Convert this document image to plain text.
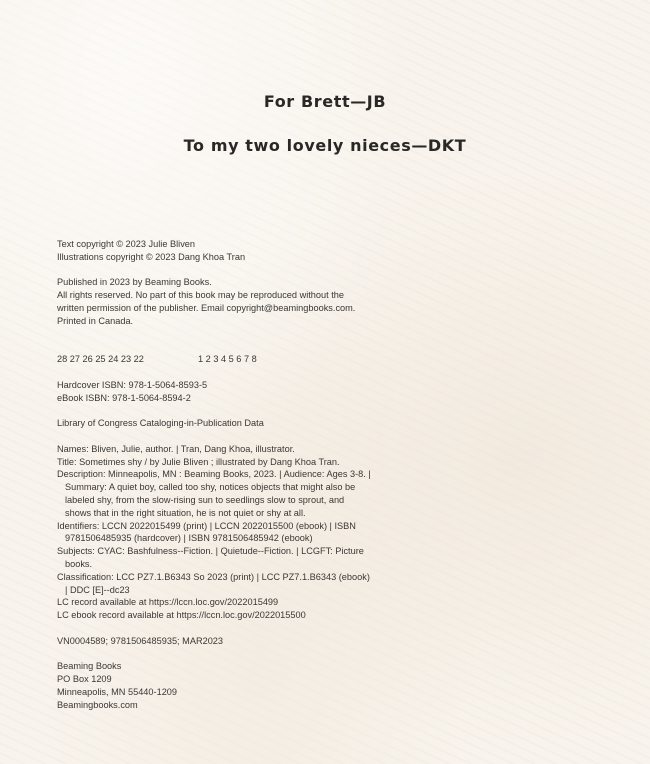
For Brett—JB
To my two lovely nieces—DKT
Text copyright © 2023 Julie Bliven
Illustrations copyright © 2023 Dang Khoa Tran
Published in 2023 by Beaming Books.
All rights reserved. No part of this book may be reproduced without the
written permission of the publisher. Email copyright@beamingbooks.com.
Printed in Canada.
28 27 26 25 24 23 22	1 2 3 4 5 6 7 8
Hardcover ISBN: 978-1-5064-8593-5
eBook ISBN: 978-1-5064-8594-2
Library of Congress Cataloging-in-Publication Data
Names: Bliven, Julie, author. | Tran, Dang Khoa, illustrator.
Title: Sometimes shy / by Julie Bliven ; illustrated by Dang Khoa Tran.
Description: Minneapolis, MN : Beaming Books, 2023. | Audience: Ages 3-8. |
Summary: A quiet boy, called too shy, notices objects that might also be
labeled shy, from the slow-rising sun to seedlings slow to sprout, and
shows that in the right situation, he is not quiet or shy at all.
Identifiers: LCCN 2022015499 (print) | LCCN 2022015500 (ebook) | ISBN
9781506485935 (hardcover) | ISBN 9781506485942 (ebook)
Subjects: CYAC: Bashfulness--Fiction. | Quietude--Fiction. | LCGFT: Picture
books.
Classification: LCC PZ7.1.B6343 So 2023 (print) | LCC PZ7.1.B6343 (ebook)
| DDC [E]--dc23
LC record available at https://lccn.loc.gov/2022015499
LC ebook record available at https://lccn.loc.gov/2022015500
VN0004589; 9781506485935; MAR2023
Beaming Books
PO Box 1209
Minneapolis, MN 55440-1209
Beamingbooks.com
